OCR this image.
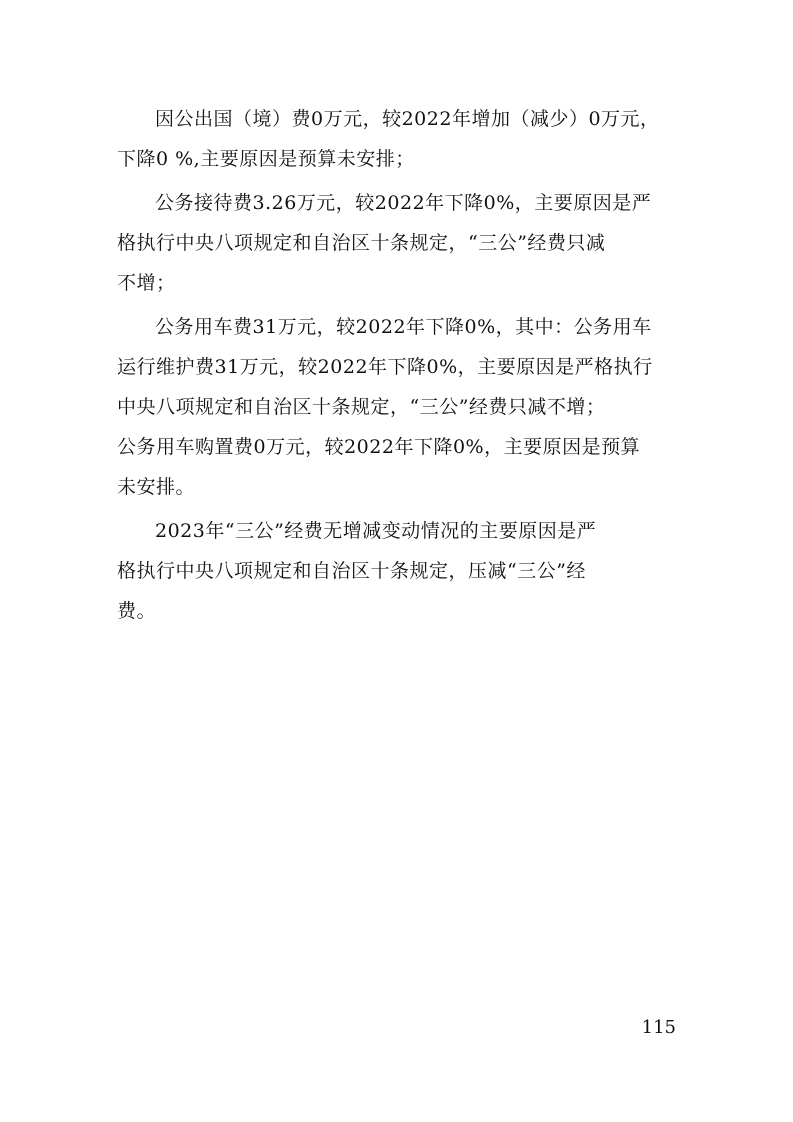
因公出国（境）费0万元，较2022年增加（减少）0万元，
下降0 %,主要原因是预算未安排；

公务接待费3.26万元，较2022年下降0%，主要原因是严
格执行中央八项规定和自治区十条规定，“三公”经费只减
不增；

公务用车费31万元，较2022年下降0%，其中：公务用车
运行维护费31万元，较2022年下降0%，主要原因是严格执行
中央八项规定和自治区十条规定，“三公”经费只减不增；
公务用车购置费0万元，较2022年下降0%，主要原因是预算
未安排。

2023年“三公”经费无增减变动情况的主要原因是严
格执行中央八项规定和自治区十条规定，压减“三公”经
费。

115
